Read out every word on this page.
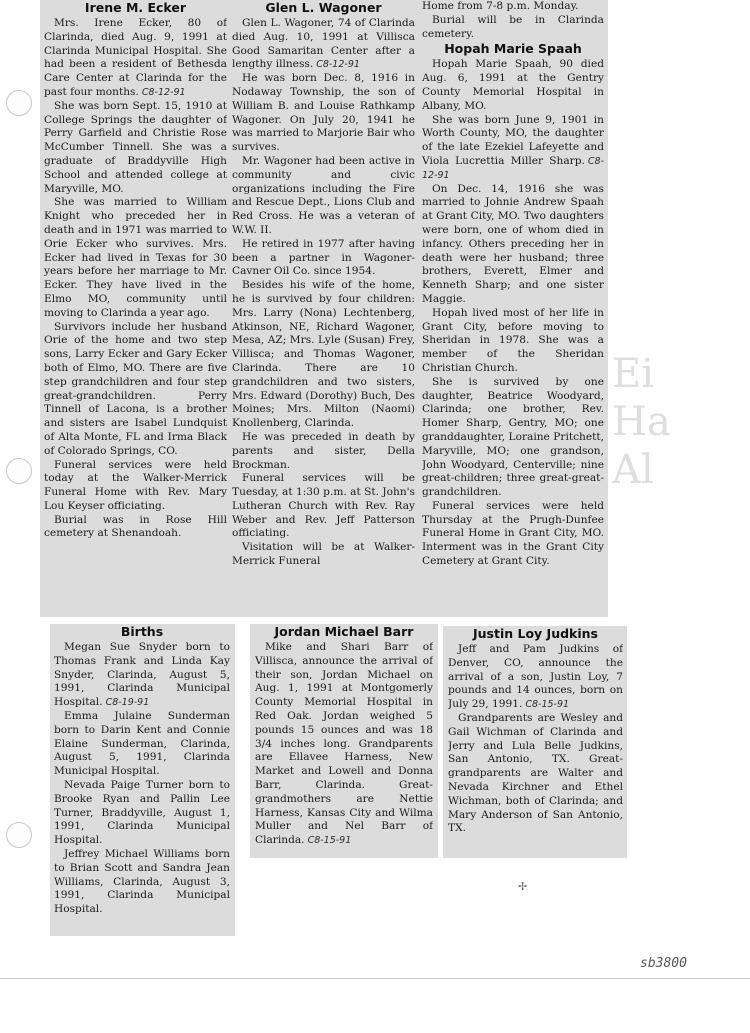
Ei
Ha
Al
Irene M. Ecker

Mrs. Irene Ecker, 80 of Clarinda, died Aug. 9, 1991 at Clarinda Municipal Hospital. She had been a resident of Bethesda Care Center at Clarinda for the past four months. C8-12-91

She was born Sept. 15, 1910 at College Springs the daughter of Perry Garfield and Christie Rose McCumber Tinnell. She was a graduate of Braddyville High School and attended college at Maryville, MO.

She was married to William Knight who preceded her in death and in 1971 was married to Orie Ecker who survives. Mrs. Ecker had lived in Texas for 30 years before her marriage to Mr. Ecker. They have lived in the Elmo MO, community until moving to Clarinda a year ago.

Survivors include her husband Orie of the home and two step sons, Larry Ecker and Gary Ecker both of Elmo, MO. There are five step grandchildren and four step great-grandchildren. Perry Tinnell of Lacona, is a brother and sisters are Isabel Lundquist of Alta Monte, FL and Irma Black of Colorado Springs, CO.

Funeral services were held today at the Walker-Merrick Funeral Home with Rev. Mary Lou Keyser officiating.

Burial was in Rose Hill cemetery at Shenandoah.

Glen L. Wagoner

Glen L. Wagoner, 74 of Clarinda died Aug. 10, 1991 at Villisca Good Samaritan Center after a lengthy illness. C8-12-91

He was born Dec. 8, 1916 in Nodaway Township, the son of William B. and Louise Rathkamp Wagoner. On July 20, 1941 he was married to Marjorie Bair who survives.

Mr. Wagoner had been active in community and civic organizations including the Fire and Rescue Dept., Lions Club and Red Cross. He was a veteran of W.W. II.

He retired in 1977 after having been a partner in Wagoner-Cavner Oil Co. since 1954.

Besides his wife of the home, he is survived by four children: Mrs. Larry (Nona) Lechtenberg, Atkinson, NE, Richard Wagoner, Mesa, AZ; Mrs. Lyle (Susan) Frey, Villisca; and Thomas Wagoner, Clarinda. There are 10 grandchildren and two sisters, Mrs. Edward (Dorothy) Buch, Des Moines; Mrs. Milton (Naomi) Knollenberg, Clarinda.

He was preceded in death by parents and sister, Della Brockman.

Funeral services will be Tuesday, at 1:30 p.m. at St. John's Lutheran Church with Rev. Ray Weber and Rev. Jeff Patterson officiating.

Visitation will be at Walker-Merrick Funeral

Home from 7-8 p.m. Monday.

Burial will be in Clarinda cemetery.

Hopah Marie Spaah

Hopah Marie Spaah, 90 died Aug. 6, 1991 at the Gentry County Memorial Hospital in Albany, MO.

She was born June 9, 1901 in Worth County, MO, the daughter of the late Ezekiel Lafeyette and Viola Lucrettia Miller Sharp. C8-12-91

On Dec. 14, 1916 she was married to Johnie Andrew Spaah at Grant City, MO. Two daughters were born, one of whom died in infancy. Others preceding her in death were her husband; three brothers, Everett, Elmer and Kenneth Sharp; and one sister Maggie.

Hopah lived most of her life in Grant City, before moving to Sheridan in 1978. She was a member of the Sheridan Christian Church.

She is survived by one daughter, Beatrice Woodyard, Clarinda; one brother, Rev. Homer Sharp, Gentry, MO; one granddaughter, Loraine Pritchett, Maryville, MO; one grandson, John Woodyard, Centerville; nine great-children; three great-great-grandchildren.

Funeral services were held Thursday at the Prugh-Dunfee Funeral Home in Grant City, MO. Interment was in the Grant City Cemetery at Grant City.

Births

Megan Sue Snyder born to Thomas Frank and Linda Kay Snyder, Clarinda, August 5, 1991, Clarinda Municipal Hospital. C8-19-91

Emma Julaine Sunderman born to Darin Kent and Connie Elaine Sunderman, Clarinda, August 5, 1991, Clarinda Municipal Hospital.

Nevada Paige Turner born to Brooke Ryan and Pallin Lee Turner, Braddyville, August 1, 1991, Clarinda Municipal Hospital.

Jeffrey Michael Williams born to Brian Scott and Sandra Jean Williams, Clarinda, August 3, 1991, Clarinda Municipal Hospital.

Jordan Michael Barr

Mike and Shari Barr of Villisca, announce the arrival of their son, Jordan Michael on Aug. 1, 1991 at Montgomerly County Memorial Hospital in Red Oak. Jordan weighed 5 pounds 15 ounces and was 18 3/4 inches long. Grandparents are Ellavee Harness, New Market and Lowell and Donna Barr, Clarinda. Great-grandmothers are Nettie Harness, Kansas City and Wilma Muller and Nel Barr of Clarinda. C8-15-91

Justin Loy Judkins

Jeff and Pam Judkins of Denver, CO, announce the arrival of a son, Justin Loy, 7 pounds and 14 ounces, born on July 29, 1991. C8-15-91

Grandparents are Wesley and Gail Wichman of Clarinda and Jerry and Lula Belle Judkins, San Antonio, TX. Great-grandparents are Walter and Nevada Kirchner and Ethel Wichman, both of Clarinda; and Mary Anderson of San Antonio, TX.

✢
sb3800
